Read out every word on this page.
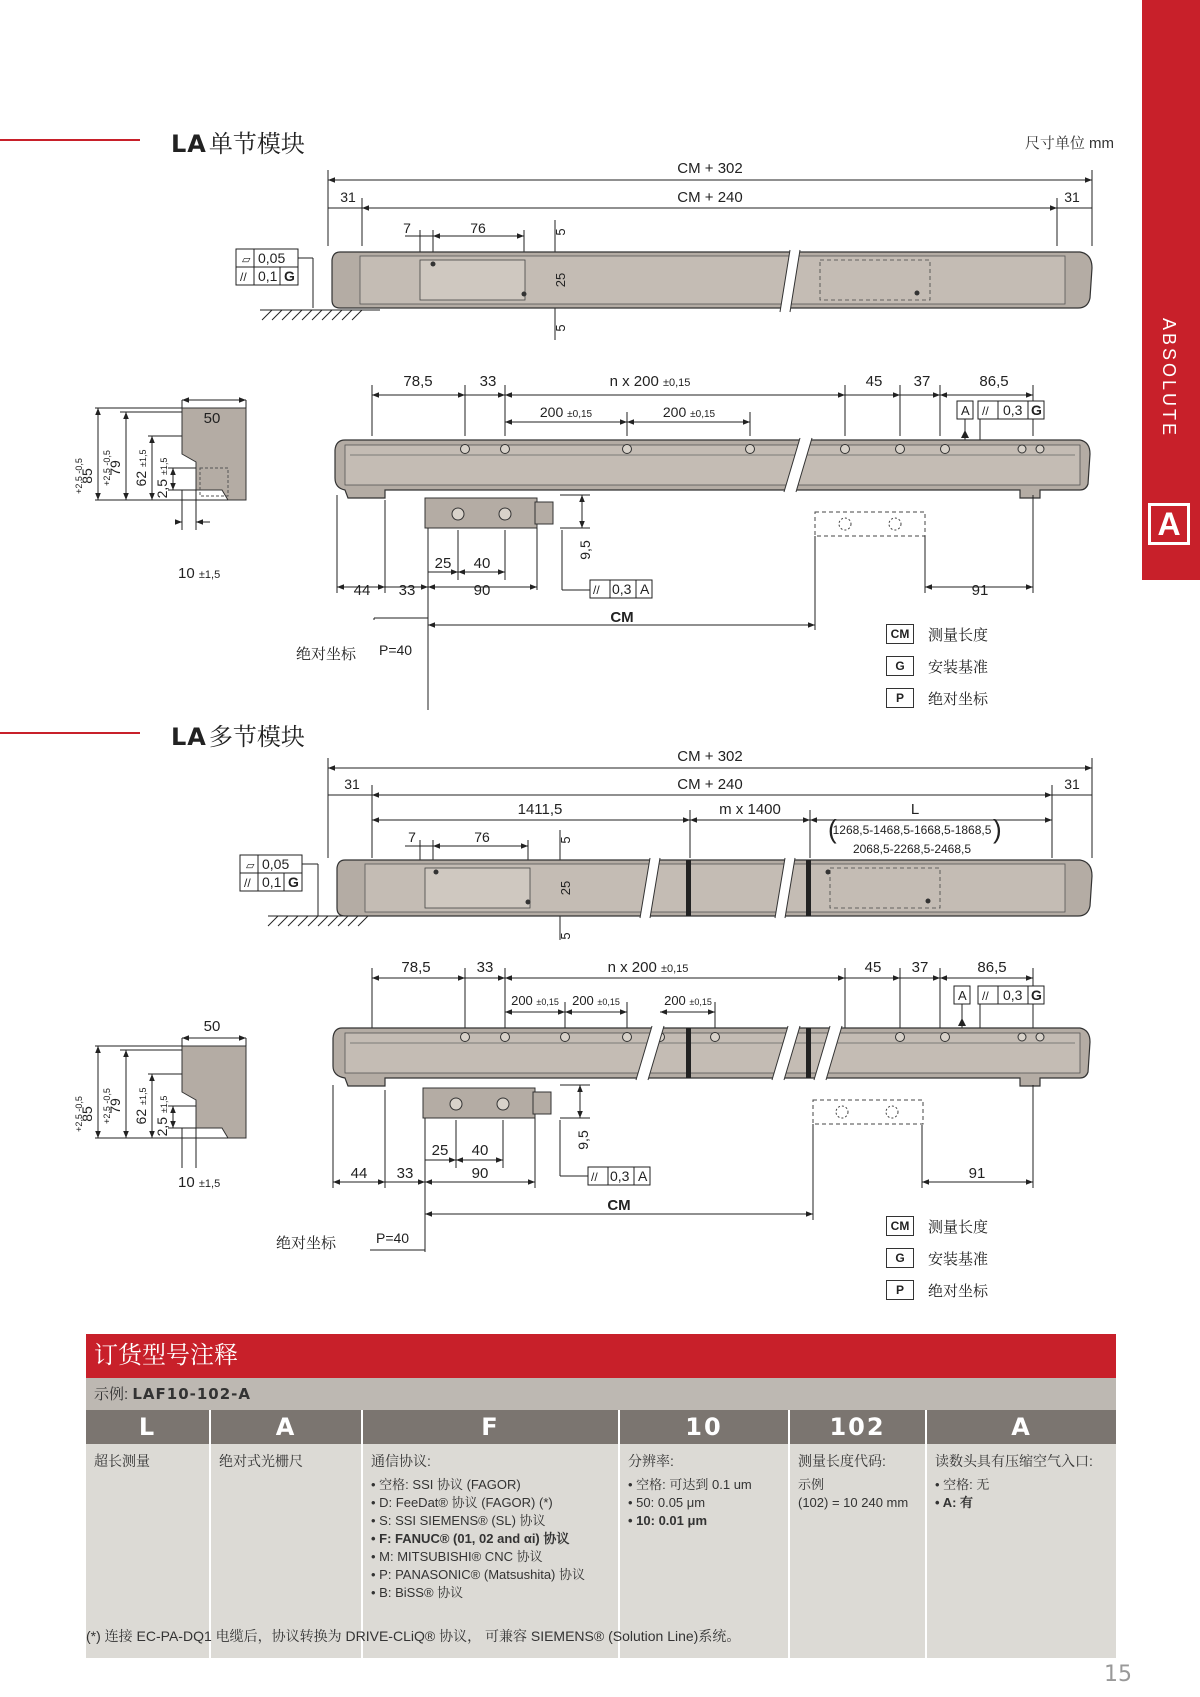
ABSOLUTE
A
LA单节模块	尺寸单位 mm
CM + 302
CM + 240
31	31
7	76	5
25
5
▱ 0,05
// 0,1 G
78,5	33	n x 200 ±0,15
200 ±0,15	200 ±0,15
45 37	86,5
A // 0,3 G
50
85
+2,5 -0,5 79
+2,5 -0,5
62 ±1,5
2,5 ±1,5
10 ±1,5
25 40
9,5
44 33	90	// 0,3 A	91
CM
P=40
绝对坐标
CM	测量长度
G	安装基准
P	绝对坐标
LA多节模块
CM + 302
CM + 240
31	31
1411,5	m x 1400	L
(	)
1268,5-1468,5-1668,5-1868,5
2068,5-2268,5-2468,5
7	76	5
25
5
▱ 0,05
// 0,1 G
78,5	33	n x 200 ±0,15
200 ±0,15 200 ±0,15	200 ±0,15
45 37	86,5
A // 0,3 G
50
85
+2,5 -0,5 79
+2,5 -0,5
62 ±1,5
2,5 ±1,5
10 ±1,5
25 40
9,5
44 33	90	// 0,3 A	91
CM
P=40
绝对坐标
CM	测量长度
G	安装基准
P	绝对坐标
订货型号注释
示例: LAF10-102-A
L
超长测量
A
绝对式光栅尺
F
通信协议:
• 空格: SSI 协议 (FAGOR)
• D: FeeDat® 协议 (FAGOR) (*)
• S: SSI SIEMENS® (SL) 协议
• F: FANUC® (01, 02 and αi) 协议
• M: MITSUBISHI® CNC 协议
• P: PANASONIC® (Matsushita) 协议
• B: BiSS® 协议
10
分辨率:
• 空格: 可达到 0.1 um
• 50: 0.05 μm
• 10: 0.01 μm
102
测量长度代码:
示例
(102) = 10 240 mm
A
读数头具有压缩空气入口:
• 空格: 无
• A: 有
(*) 连接 EC-PA-DQ1 电缆后，协议转换为 DRIVE-CLiQ® 协议， 可兼容 SIEMENS® (Solution Line)系统。
15
